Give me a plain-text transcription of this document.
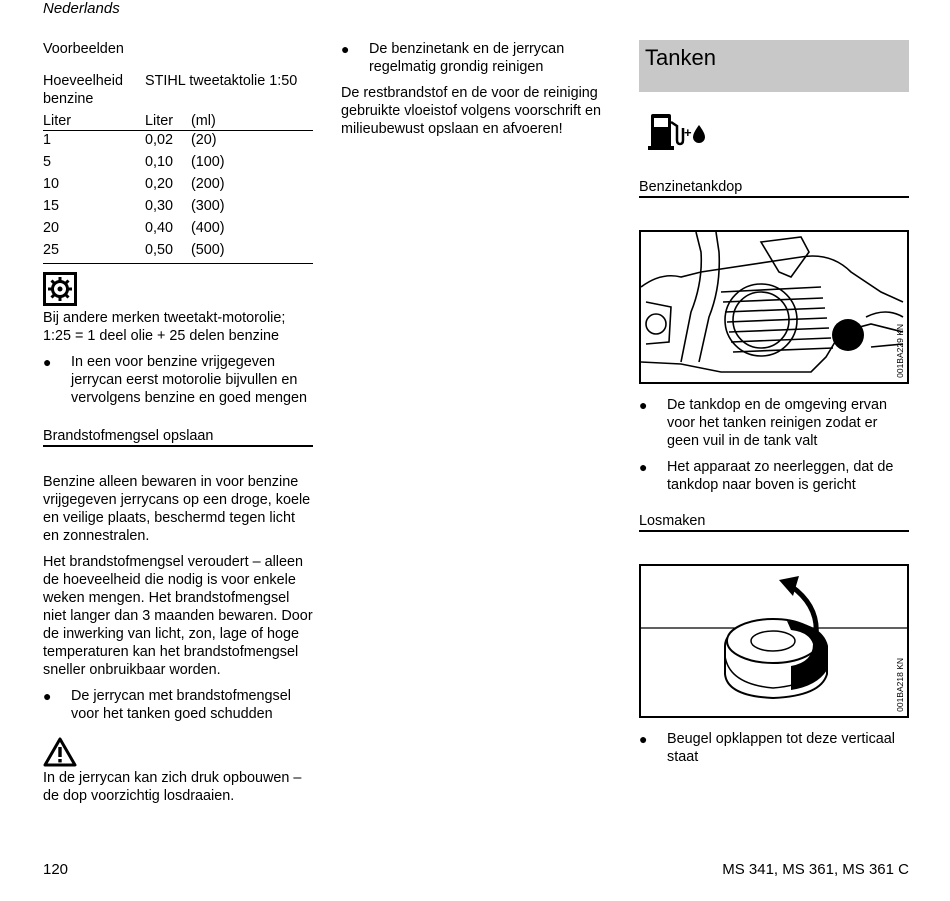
Nederlands

Voorbeelden

Hoeveelheid benzine	STIHL tweetaktolie 1:50	
Liter	Liter	(ml)
1	0,02	(20)
5	0,10	(100)
10	0,20	(200)
15	0,30	(300)
20	0,40	(400)
25	0,50	(500)

Bij andere merken tweetakt-motorolie; 1:25 = 1 deel olie + 25 delen benzine

● In een voor benzine vrijgegeven jerrycan eerst motorolie bijvullen en vervolgens benzine en goed mengen

Brandstofmengsel opslaan

Benzine alleen bewaren in voor benzine vrijgegeven jerrycans op een droge, koele en veilige plaats, beschermd tegen licht en zonnestralen.

Het brandstofmengsel veroudert – alleen de hoeveelheid die nodig is voor enkele weken mengen. Het brandstofmengsel niet langer dan 3 maanden bewaren. Door de inwerking van licht, zon, lage of hoge temperaturen kan het brandstofmengsel sneller onbruikbaar worden.

● De jerrycan met brandstofmengsel voor het tanken goed schudden

In de jerrycan kan zich druk opbouwen – de dop voorzichtig losdraaien.

● De benzinetank en de jerrycan regelmatig grondig reinigen

De restbrandstof en de voor de reiniging gebruikte vloeistof volgens voorschrift en milieubewust opslaan en afvoeren!

Tanken
+

Benzinetankdop

001BA229 KN
● De tankdop en de omgeving ervan voor het tanken reinigen zodat er geen vuil in de tank valt
● Het apparaat zo neerleggen, dat de tankdop naar boven is gericht

Losmaken

001BA218 KN
● Beugel opklappen tot deze verticaal staat
120	MS 341, MS 361, MS 361 C
